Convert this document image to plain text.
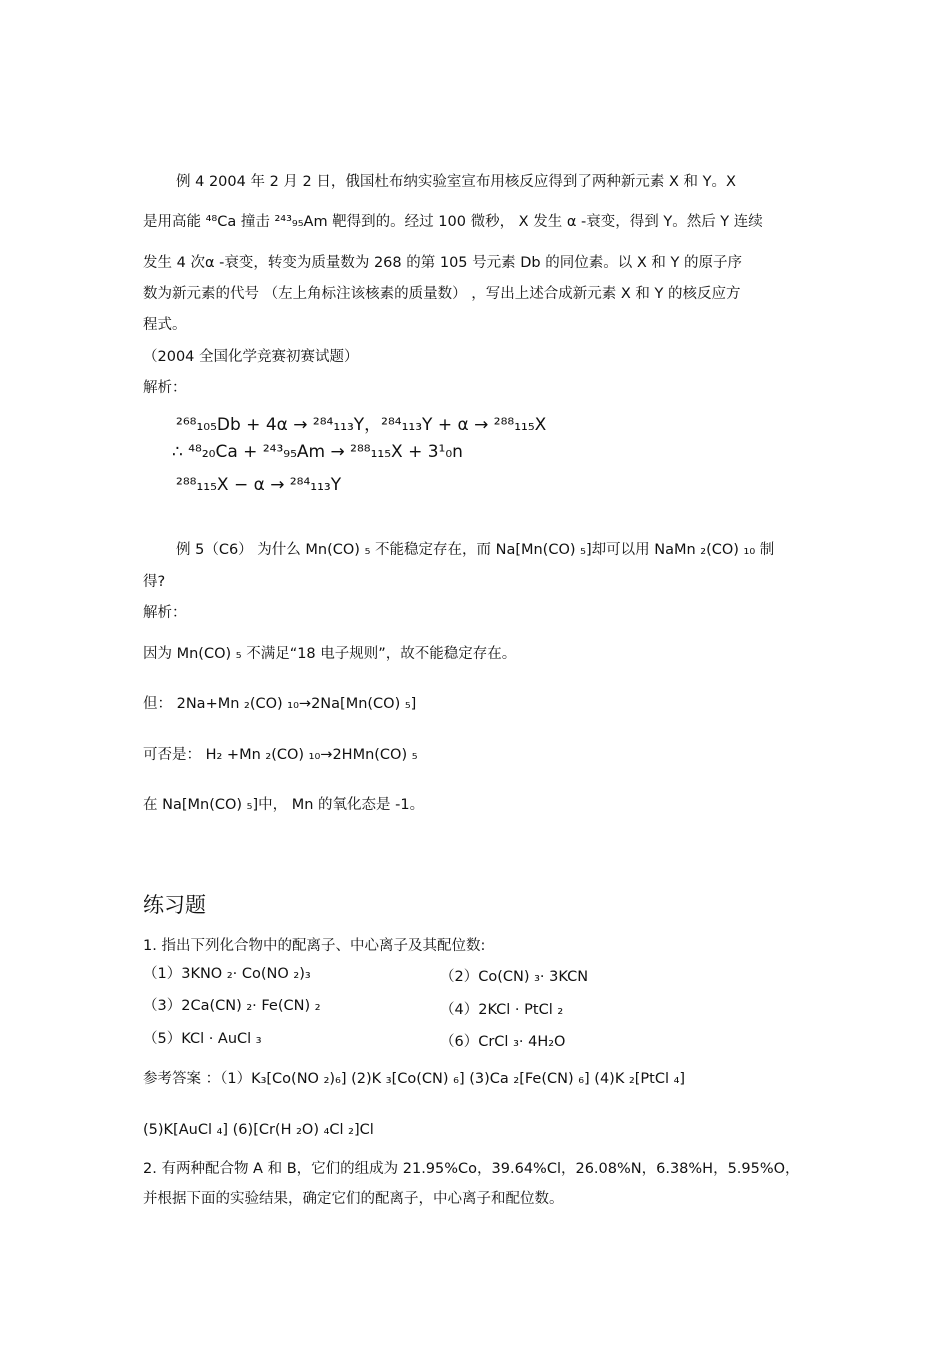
例 4 2004 年 2 月 2 日，俄国杜布纳实验室宣布用核反应得到了两种新元素 X 和 Y。X
是用高能 ⁴⁸Ca 撞击 ²⁴³₉₅Am 靶得到的。经过 100 微秒， X 发生 α -衰变，得到 Y。然后 Y 连续
发生 4 次α -衰变，转变为质量数为 268 的第 105 号元素 Db 的同位素。以 X 和 Y 的原子序
数为新元素的代号 （左上角标注该核素的质量数） ，写出上述合成新元素 X 和 Y 的核反应方
程式。
（2004 全国化学竞赛初赛试题）
解析：
²⁶⁸₁₀₅Db + 4α → ²⁸⁴₁₁₃Y，²⁸⁴₁₁₃Y + α → ²⁸⁸₁₁₅X
∴ ⁴⁸₂₀Ca + ²⁴³₉₅Am → ²⁸⁸₁₁₅X + 3¹₀n
²⁸⁸₁₁₅X − α → ²⁸⁴₁₁₃Y
例 5（C6） 为什么 Mn(CO) ₅ 不能稳定存在，而 Na[Mn(CO) ₅]却可以用 NaMn ₂(CO) ₁₀ 制
得?
解析：
因为 Mn(CO) ₅ 不满足“18 电子规则”，故不能稳定存在。
但： 2Na+Mn ₂(CO) ₁₀→2Na[Mn(CO) ₅]
可否是： H₂ +Mn ₂(CO) ₁₀→2HMn(CO) ₅
在 Na[Mn(CO) ₅]中， Mn 的氧化态是 -1。
练习题
1. 指出下列化合物中的配离子、中心离子及其配位数:
（1）3KNO ₂· Co(NO ₂)₃	（2）Co(CN) ₃· 3KCN
（3）2Ca(CN) ₂· Fe(CN) ₂	（4）2KCl · PtCl ₂
（5）KCl · AuCl ₃	（6）CrCl ₃· 4H₂O
参考答案 ：（1）K₃[Co(NO ₂)₆] (2)K ₃[Co(CN) ₆] (3)Ca ₂[Fe(CN) ₆] (4)K ₂[PtCl ₄]
(5)K[AuCl ₄] (6)[Cr(H ₂O) ₄Cl ₂]Cl
2. 有两种配合物 A 和 B，它们的组成为 21.95%Co，39.64%Cl，26.08%N，6.38%H，5.95%O，
并根据下面的实验结果，确定它们的配离子，中心离子和配位数。
